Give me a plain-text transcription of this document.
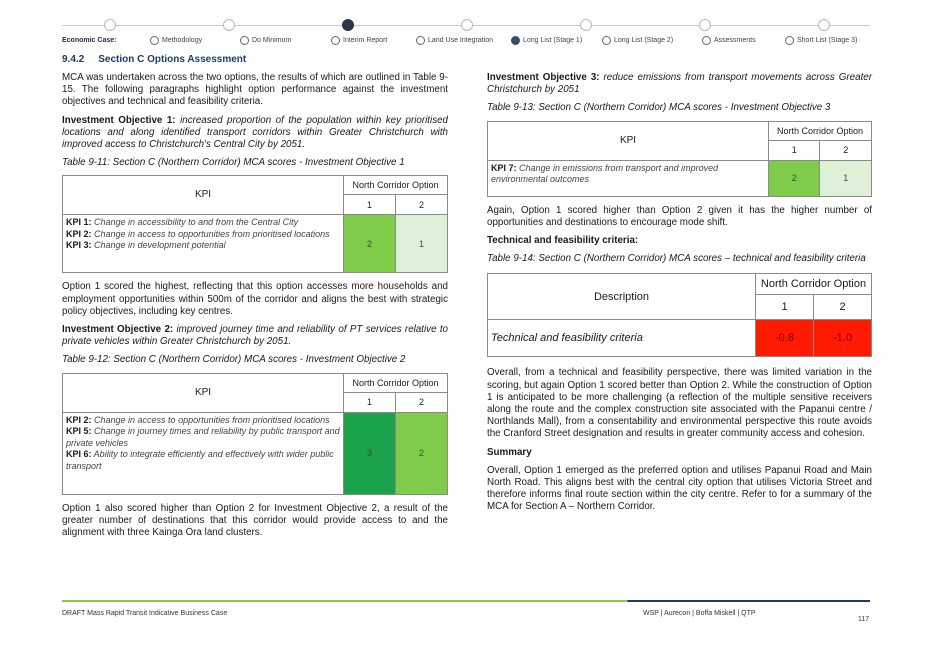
Economic Case:	Methodology	Do Minimum	Interim Report	Land Use Integration	Long List (Stage 1)	Long List (Stage 2)	Assessments	Short List (Stage 3)
9.4.2 Section C Options Assessment

MCA was undertaken across the two options, the results of which are outlined in Table 9-15. The following paragraphs highlight option performance against the investment objectives and technical and feasibility criteria.

Investment Objective 1: increased proportion of the population within key prioritised locations and along identified transport corridors within Greater Christchurch with improved access to Christchurch's Central City by 2051.

Table 9-11: Section C (Northern Corridor) MCA scores - Investment Objective 1
KPI	North Corridor Option	
	1	2

KPI 1: Change in accessibility to and from the Central City
KPI 2: Change in access to opportunities from prioritised locations
KPI 3: Change in development potential	2	1

Option 1 scored the highest, reflecting that this option accesses more households and employment opportunities within 500m of the corridor and aligns the best with strategic policy objectives, including key centres.

Investment Objective 2: improved journey time and reliability of PT services relative to private vehicles within Greater Christchurch by 2051.

Table 9-12: Section C (Northern Corridor) MCA scores - Investment Objective 2
KPI	North Corridor Option	
	1	2

KPI 2: Change in access to opportunities from prioritised locations
KPI 5: Change in journey times and reliability by public transport and private vehicles
KPI 6: Ability to integrate efficiently and effectively with wider public transport	3	2

Option 1 also scored higher than Option 2 for Investment Objective 2, a result of the greater number of destinations that this corridor would provide access to and the alignment with three Kainga Ora land clusters.

Investment Objective 3: reduce emissions from transport movements across Greater Christchurch by 2051

Table 9-13: Section C (Northern Corridor) MCA scores - Investment Objective 3
KPI	North Corridor Option	
	1	2

KPI 7: Change in emissions from transport and improved environmental outcomes	2	1

Again, Option 1 scored higher than Option 2 given it has the higher number of opportunities and destinations to encourage mode shift.

Technical and feasibility criteria:

Table 9-14: Section C (Northern Corridor) MCA scores – technical and feasibility criteria
Description	North Corridor Option	
	1	2
Technical and feasibility criteria	-0.8	-1.0

Overall, from a technical and feasibility perspective, there was limited variation in the scoring, but again Option 1 scored better than Option 2. While the construction of Option 1 is anticipated to be more challenging (a reflection of the multiple sensitive receivers along the route and the complex construction site associated with the Papanui centre / Northlands Mall), from a consentability and environmental perspective this route avoids the Cranford Street designation and results in greater community access and cohesion.

Summary

Overall, Option 1 emerged as the preferred option and utilises Papanui Road and Main North Road. This aligns best with the central city option that utilises Victoria Street and therefore informs final route section within the city centre. Refer to for a summary of the MCA for Section A – Northern Corridor.

DRAFT Mass Rapid Transit Indicative Business Case	WSP | Aurecon | Boffa Miskell | QTP
117
